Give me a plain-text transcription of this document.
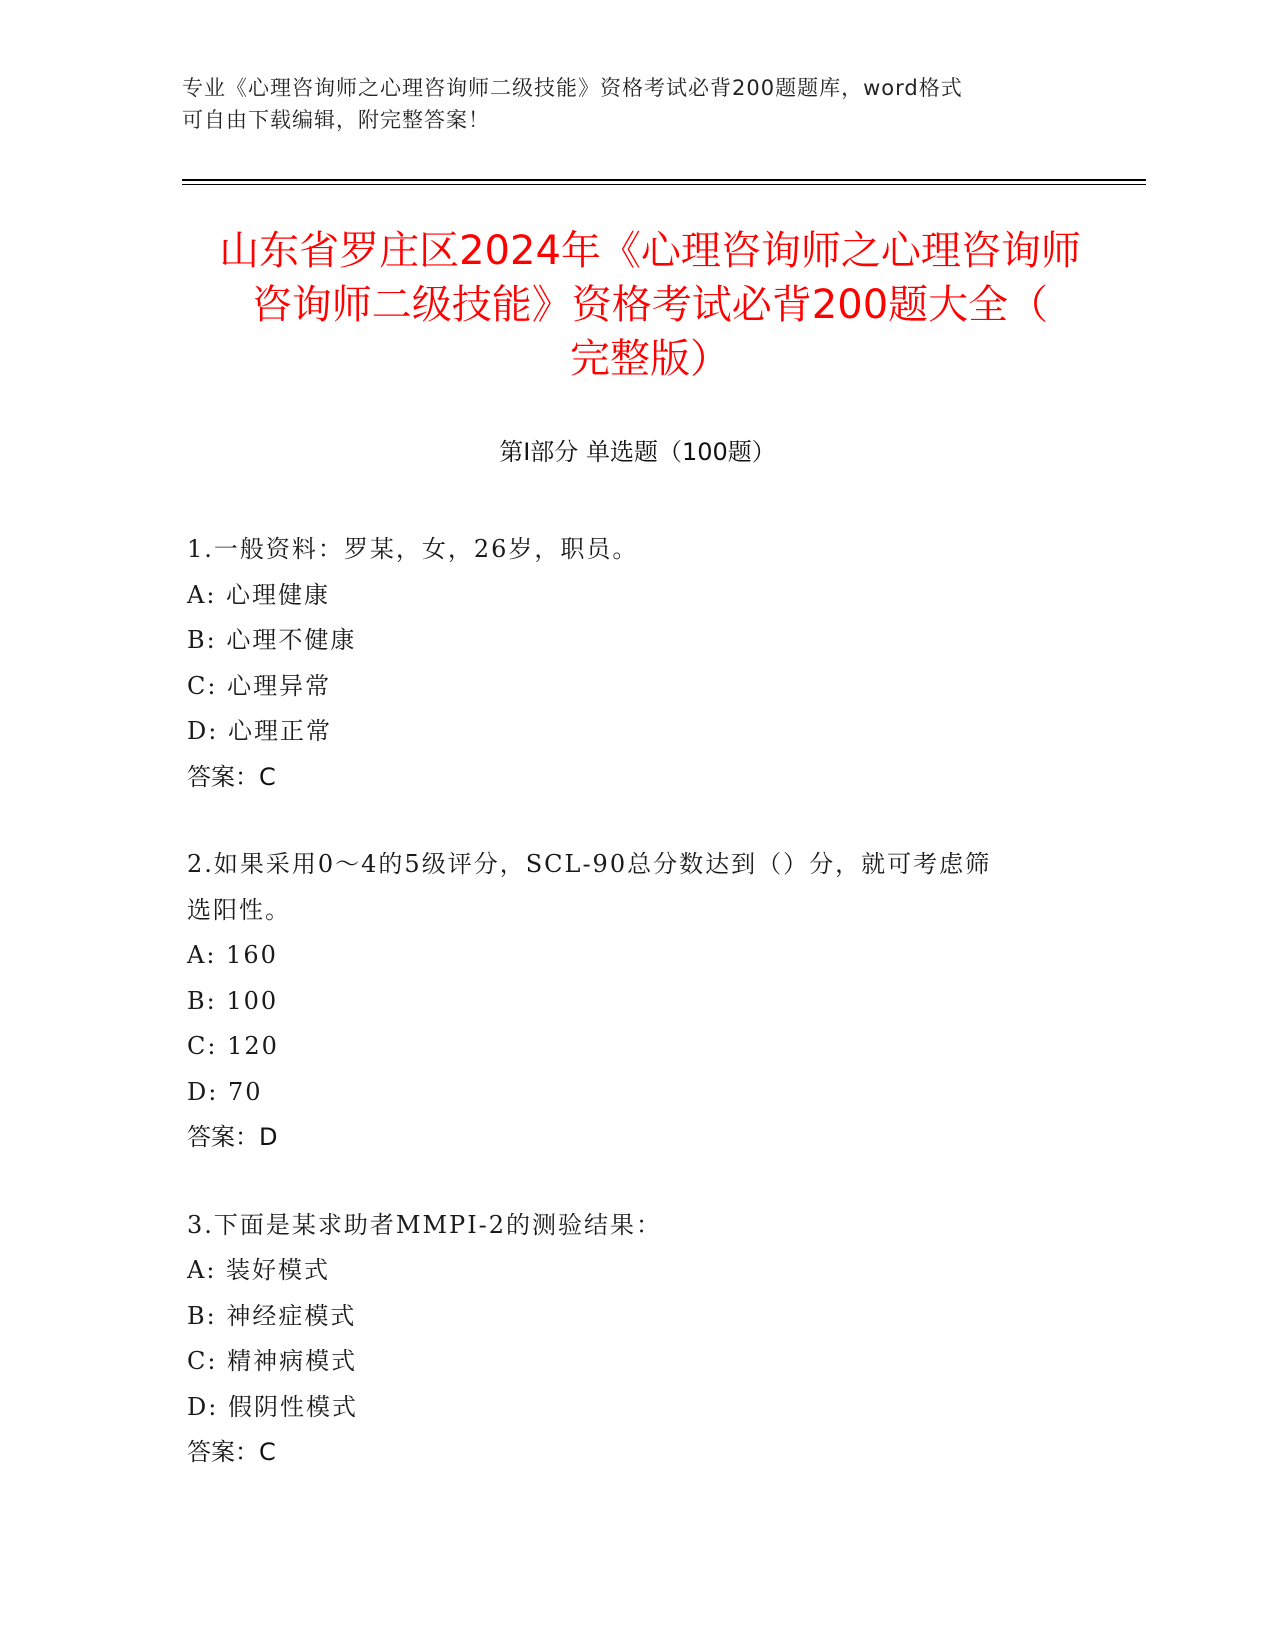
专业《心理咨询师之心理咨询师二级技能》资格考试必背200题题库，word格式
可自由下载编辑，附完整答案！
山东省罗庄区2024年《心理咨询师之心理咨询师
咨询师二级技能》资格考试必背200题大全（
完整版）
第Ⅰ部分 单选题（100题）
1.一般资料：罗某，女，26岁，职员。
A: 心理健康
B: 心理不健康
C: 心理异常
D: 心理正常
答案：C
2.如果采用0～4的5级评分，SCL-90总分数达到（）分，就可考虑筛
选阳性。
A: 160
B: 100
C: 120
D: 70
答案：D
3.下面是某求助者MMPI-2的测验结果：
A: 装好模式
B: 神经症模式
C: 精神病模式
D: 假阴性模式
答案：C
